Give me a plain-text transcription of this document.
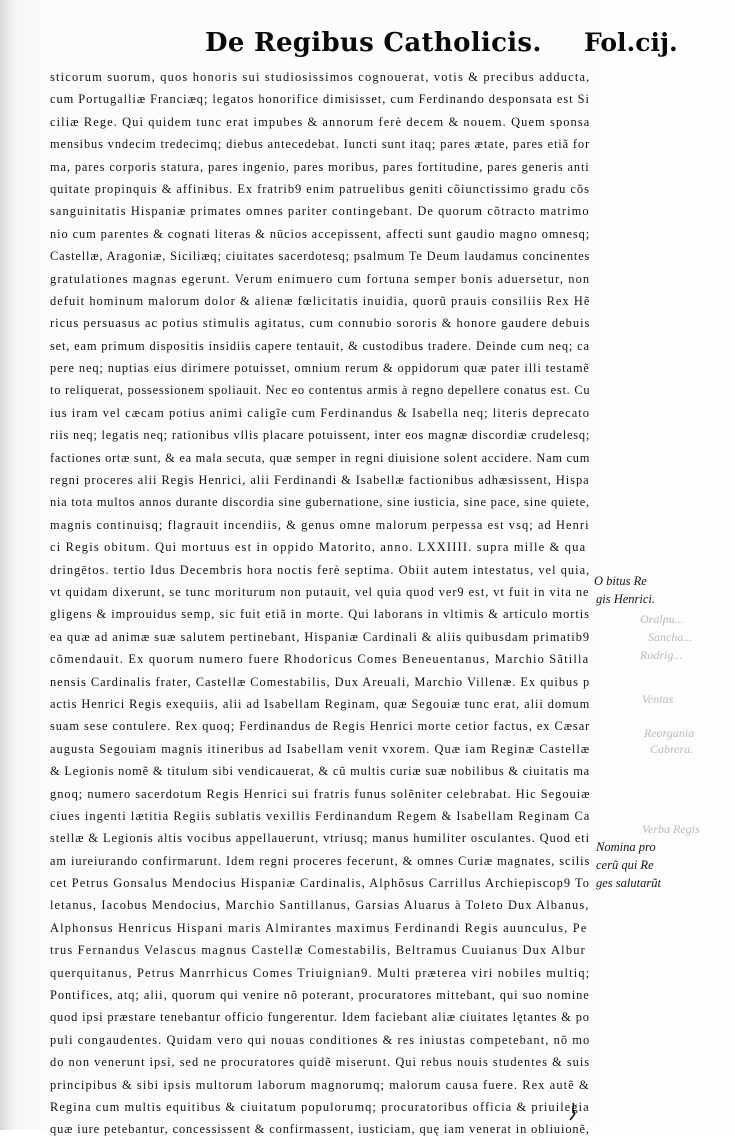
De Regibus Catholicis. Fol.cij.
sticorum suorum, quos honoris sui studiosissimos cognouerat, votis & precibus adducta,
cum Portugalliæ Franciæq; legatos honorifice dimisisset, cum Ferdinando desponsata est Si
ciliæ Rege. Qui quidem tunc erat impubes & annorum ferè decem & nouem. Quem sponsa
mensibus vndecim tredecimq; diebus antecedebat. Iuncti sunt itaq; pares ætate, pares etiã for
ma, pares corporis statura, pares ingenio, pares moribus, pares fortitudine, pares generis anti
quitate propinquis & affinibus. Ex fratrib9 enim patruelibus geniti cõiunctissimo gradu cõs
sanguinitatis Hispaniæ primates omnes pariter contingebant. De quorum cõtracto matrimo
nio cum parentes & cognati literas & nūcios accepissent, affecti sunt gaudio magno omnesq;
Castellæ, Aragoniæ, Siciliæq; ciuitates sacerdotesq; psalmum Te Deum laudamus concinentes
gratulationes magnas egerunt. Verum enimuero cum fortuna semper bonis aduersetur, non
defuit hominum malorum dolor & alienæ fœlicitatis inuidia, quorũ prauis consiliis Rex Hẽ
ricus persuasus ac potius stimulis agitatus, cum connubio sororis & honore gaudere debuis
set, eam primum dispositis insidiis capere tentauit, & custodibus tradere. Deinde cum neq; ca
pere neq; nuptias eius dirimere potuisset, omnium rerum & oppidorum quæ pater illi testamẽ
to reliquerat, possessionem spoliauit. Nec eo contentus armis à regno depellere conatus est. Cu
ius iram vel cæcam potius animi caligĩe cum Ferdinandus & Isabella neq; literis deprecato
riis neq; legatis neq; rationibus vllis placare potuissent, inter eos magnæ discordiæ crudelesq;
factiones ortæ sunt, & ea mala secuta, quæ semper in regni diuisione solent accidere. Nam cum
regni proceres alii Regis Henrici, alii Ferdinandi & Isabellæ factionibus adhæsissent, Hispa
nia tota multos annos durante discordia sine gubernatione, sine iusticia, sine pace, sine quiete,
magnis continuisq; flagrauit incendiis, & genus omne malorum perpessa est vsq; ad Henri
ci Regis obitum. Qui mortuus est in oppido Matorito, anno. LXXIIII. supra mille & qua
dringētos. tertio Idus Decembris hora noctis ferè septima. Obiit autem intestatus, vel quia,
vt quidam dixerunt, se tunc moriturum non putauit, vel quia quod ver9 est, vt fuit in vita ne
gligens & improuidus semp, sic fuit etiã in morte. Qui laborans in vltimis & articulo mortis
ea quæ ad animæ suæ salutem pertinebant, Hispaniæ Cardinali & aliis quibusdam primatib9
cõmendauit. Ex quorum numero fuere Rhodoricus Comes Beneuentanus, Marchio Sãtilla
nensis Cardinalis frater, Castellæ Comestabilis, Dux Areuali, Marchio Villenæ. Ex quibus p
actis Henrici Regis exequiis, alii ad Isabellam Reginam, quæ Segouiæ tunc erat, alii domum
suam sese contulere. Rex quoq; Ferdinandus de Regis Henrici morte cetior factus, ex Cæsar
augusta Segouiam magnis itineribus ad Isabellam venit vxorem. Quæ iam Reginæ Castellæ
& Legionis nomẽ & titulum sibi vendicauerat, & cũ multis curiæ suæ nobilibus & ciuitatis ma
gnoq; numero sacerdotum Regis Henrici sui fratris funus solẽniter celebrabat. Hic Segouiæ
ciues ingenti lætitia Regiis sublatis vexillis Ferdinandum Regem & Isabellam Reginam Ca
stellæ & Legionis altis vocibus appellauerunt, vtriusq; manus humiliter osculantes. Quod eti
am iureiurando confirmarunt. Idem regni proceres fecerunt, & omnes Curiæ magnates, scilis
cet Petrus Gonsalus Mendocius Hispaniæ Cardinalis, Alphõsus Carrillus Archiepiscop9 To
letanus, Iacobus Mendocius, Marchio Santillanus, Garsias Aluarus à Toleto Dux Albanus,
Alphonsus Henricus Hispani maris Almirantes maximus Ferdinandi Regis auunculus, Pe
trus Fernandus Velascus magnus Castellæ Comestabilis, Beltramus Cuuianus Dux Albur
querquitanus, Petrus Manrrhicus Comes Triuignian9. Multi præterea viri nobiles multiq;
Pontifices, atq; alii, quorum qui venire nõ poterant, procuratores mittebant, qui suo nomine
quod ipsi præstare tenebantur officio fungerentur. Idem faciebant aliæ ciuitates lętantes & po
puli congaudentes. Quidam vero qui nouas conditiones & res iniustas competebant, nõ mo
do non venerunt ipsi, sed ne procuratores quidẽ miserunt. Qui rebus nouis studentes & suis
principibus & sibi ipsis multorum laborum magnorumq; malorum causa fuere. Rex autẽ &
Regina cum multis equitibus & ciuitatum populorumq; procuratoribus officia & priuilegia
quæ iure petebantur, concessissent & confirmassent, iusticiam, quę iam venerat in obliuionẽ,
O bitus Re
gis Henrici.
Oralpu...
Sancha...
Rodrig...
Ventas
Reorgania
Cabrera.
Verba Regis
Nomina pro
cerũ qui Re
ges salutarũt
